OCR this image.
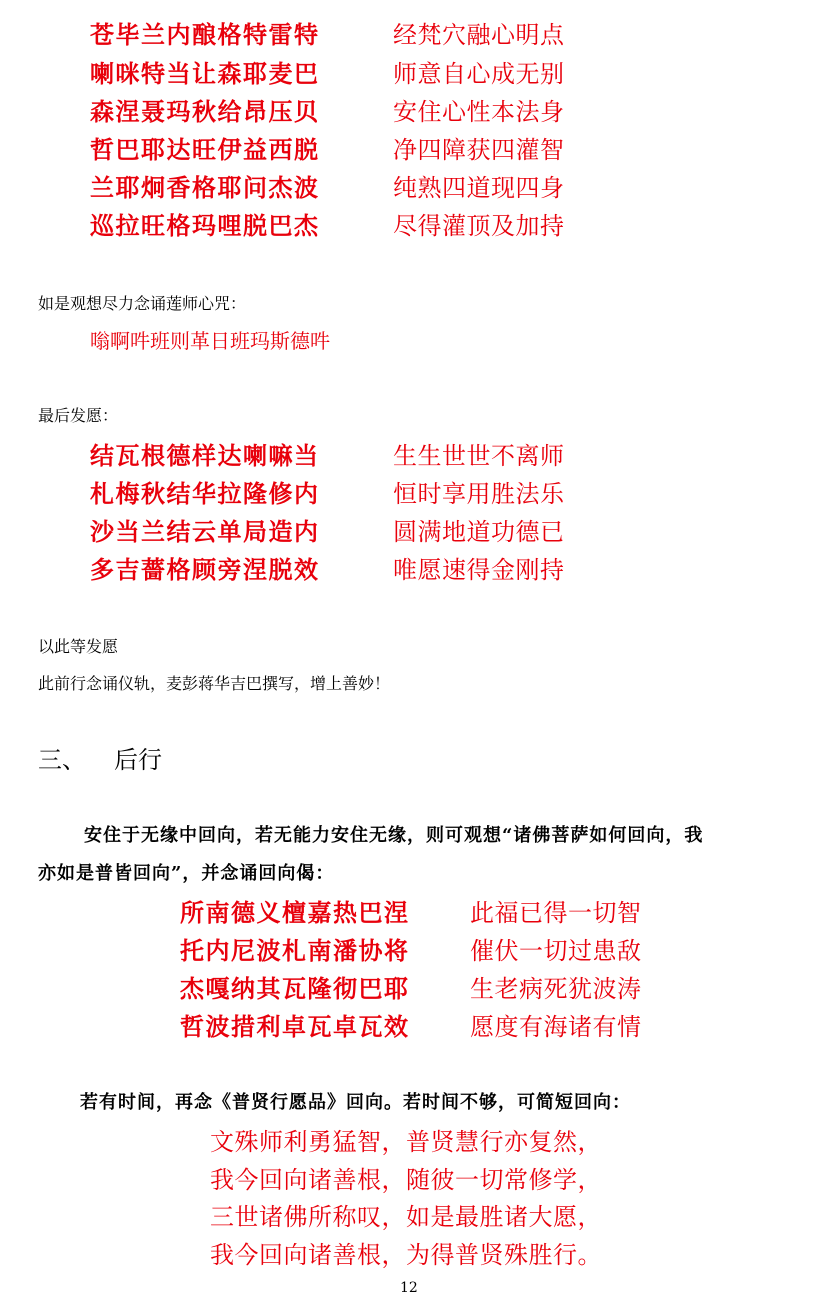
苍毕兰内酿格特雷特
喇咪特当让森耶麦巴
森涅聂玛秋给昂压贝
哲巴耶达旺伊益西脱
兰耶炯香格耶问杰波
巡拉旺格玛哩脱巴杰
经梵穴融心明点
师意自心成无别
安住心性本法身
净四障获四灌智
纯熟四道现四身
尽得灌顶及加持
如是观想尽力念诵莲师心咒：
嗡啊吽班则革日班玛斯德吽
最后发愿：
结瓦根德样达喇嘛当
札梅秋结华拉隆修内
沙当兰结云单局造内
多吉薔格顾旁涅脱效
生生世世不离师
恒时享用胜法乐
圆满地道功德已
唯愿速得金刚持
以此等发愿
此前行念诵仪轨，麦彭蒋华吉巴撰写，增上善妙！
三、 后行
安住于无缘中回向，若无能力安住无缘，则可观想“诸佛菩萨如何回向，我
亦如是普皆回向”，并念诵回向偈：
所南德义檀嘉热巴涅
托内尼波札南潘协将
杰嘎纳其瓦隆彻巴耶
哲波措利卓瓦卓瓦效
此福已得一切智
催伏一切过患敌
生老病死犹波涛
愿度有海诸有情
若有时间，再念《普贤行愿品》回向。若时间不够，可简短回向：
文殊师利勇猛智，普贤慧行亦复然，
我今回向诸善根，随彼一切常修学，
三世诸佛所称叹，如是最胜诸大愿，
我今回向诸善根，为得普贤殊胜行。
12
